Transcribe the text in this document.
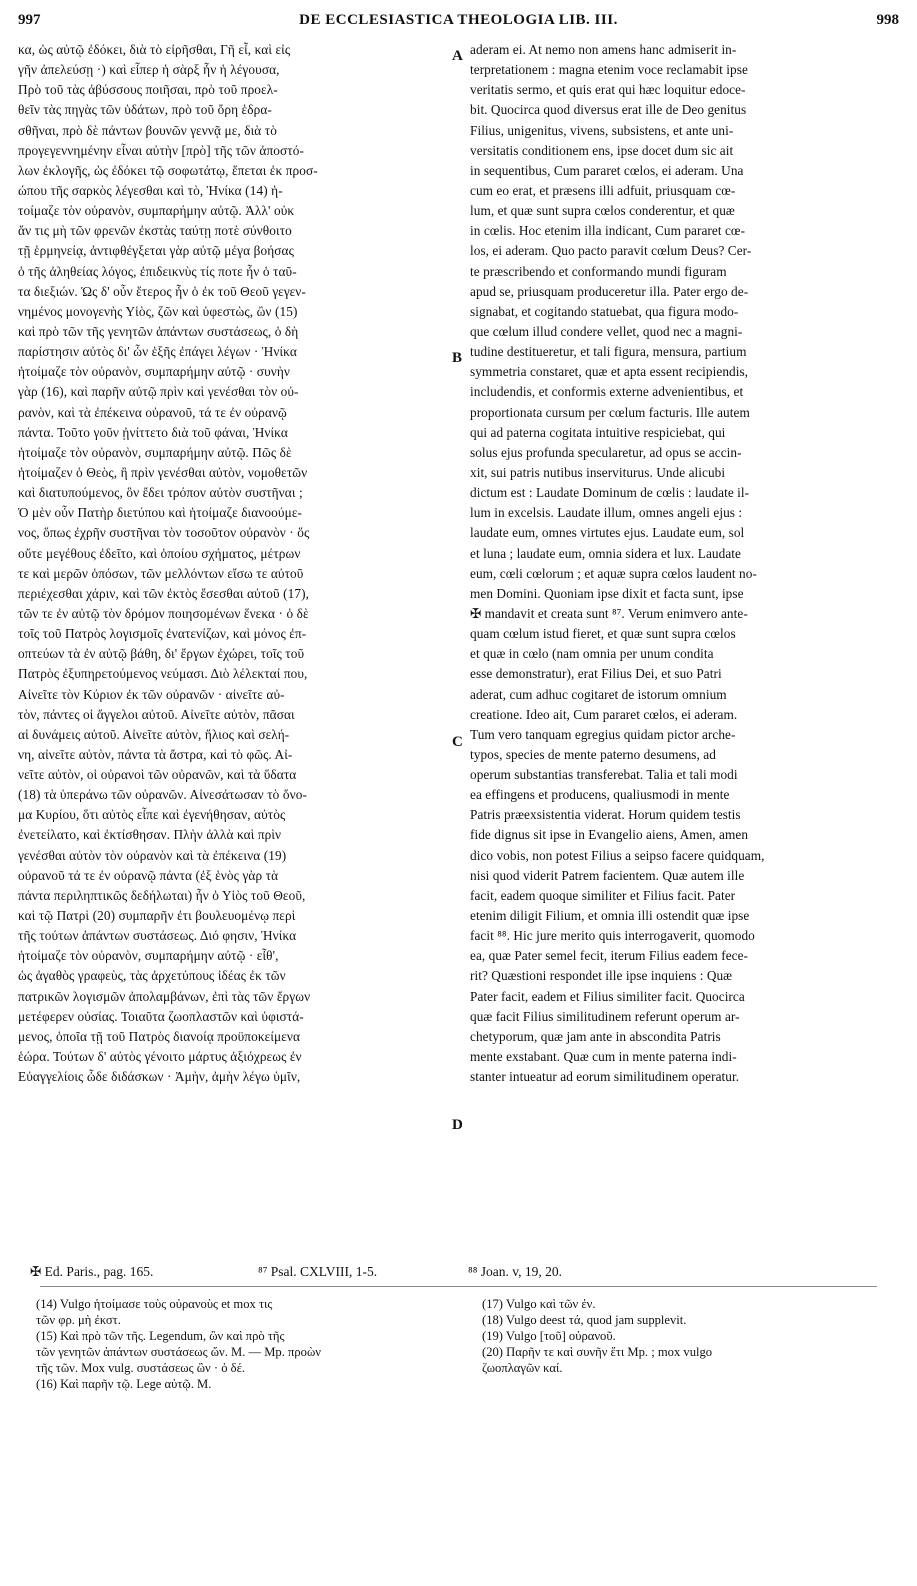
997	DE ECCLESIASTICA THEOLOGIA LIB. III.	998
κα, ὡς αὐτῷ ἐδόκει, διὰ τὸ εἰρῆσθαι, Γῆ εἶ, καὶ εἰς
γῆν ἀπελεύσῃ ·) καὶ εἶπερ ἡ σὰρξ ἦν ἡ λέγουσα,
Πρὸ τοῦ τὰς ἀβύσσους ποιῆσαι, πρὸ τοῦ προελ-
θεῖν τὰς πηγὰς τῶν ὑδάτων, πρὸ τοῦ ὄρη ἑδρα-
σθῆναι, πρὸ δὲ πάντων βουνῶν γεννᾷ με, διὰ τὸ
προγεγεννημένην εἶναι αὐτὴν [πρὸ] τῆς τῶν ἀποστό-
λων ἐκλογῆς, ὡς ἐδόκει τῷ σοφωτάτῳ, ἕπεται ἐκ προσ-
ώπου τῆς σαρκὸς λέγεσθαι καὶ τὸ, Ἡνίκα (14) ἡ-
τοίμαζε τὸν οὐρανὸν, συμπαρήμην αὐτῷ. Ἀλλ' οὐκ
ἄν τις μὴ τῶν φρενῶν ἐκστὰς ταύτῃ ποτὲ σύνθοιτο
τῇ ἑρμηνείᾳ, ἀντιφθέγξεται γὰρ αὐτῷ μέγα βοήσας
ὁ τῆς ἀληθείας λόγος, ἐπιδεικνὺς τίς ποτε ἦν ὁ ταῦ-
τα διεξιών. Ὡς δ' οὖν ἕτερος ἦν ὁ ἐκ τοῦ Θεοῦ γεγεν-
νημένος μονογενὴς Υἱὸς, ζῶν καὶ ὑφεστὼς, ὢν (15)
καὶ πρὸ τῶν τῆς γενητῶν ἁπάντων συστάσεως, ὁ δὴ
παρίστησιν αὐτὸς δι' ὧν ἑξῆς ἐπάγει λέγων · Ἡνίκα
ἡτοίμαζε τὸν οὐρανὸν, συμπαρήμην αὐτῷ · συνὴν
γὰρ (16), καὶ παρῆν αὐτῷ πρὶν καὶ γενέσθαι τὸν οὐ-
ρανὸν, καὶ τὰ ἐπέκεινα οὐρανοῦ, τά τε ἐν οὐρανῷ
πάντα. Τοῦτο γοῦν ᾐνίττετο διὰ τοῦ φάναι, Ἡνίκα
ἡτοίμαζε τὸν οὐρανὸν, συμπαρήμην αὐτῷ. Πῶς δὲ
ἡτοίμαζεν ὁ Θεὸς, ἢ πρὶν γενέσθαι αὐτὸν, νομοθετῶν
καὶ διατυπούμενος, ὃν ἔδει τρόπον αὐτὸν συστῆναι ;
Ὁ μὲν οὖν Πατὴρ διετύπου καὶ ἡτοίμαζε διανοούμε-
νος, ὅπως ἐχρῆν συστῆναι τὸν τοσοῦτον οὐρανὸν · ὅς
οὔτε μεγέθους ἐδεῖτο, καὶ ὁποίου σχήματος, μέτρων
τε καὶ μερῶν ὁπόσων, τῶν μελλόντων εἴσω τε αὐτοῦ
περιέχεσθαι χάριν, καὶ τῶν ἐκτὸς ἔσεσθαι αὐτοῦ (17),
τῶν τε ἐν αὐτῷ τὸν δρόμον ποιησομένων ἕνεκα · ὁ δὲ
τοῖς τοῦ Πατρὸς λογισμοῖς ἐνατενίζων, καὶ μόνος ἐπ-
οπτεύων τὰ ἐν αὐτῷ βάθη, δι' ἔργων ἐχώρει, τοῖς τοῦ
Πατρὸς ἐξυπηρετούμενος νεύμασι. Διὸ λέλεκταί που,
Αἰνεῖτε τὸν Κύριον ἐκ τῶν οὐρανῶν · αἰνεῖτε αὐ-
τὸν, πάντες οἱ ἄγγελοι αὐτοῦ. Αἰνεῖτε αὐτὸν, πᾶσαι
αἱ δυνάμεις αὐτοῦ. Αἰνεῖτε αὐτὸν, ἥλιος καὶ σελή-
νη, αἰνεῖτε αὐτὸν, πάντα τὰ ἄστρα, καὶ τὸ φῶς. Αἰ-
νεῖτε αὐτὸν, οἱ οὐρανοὶ τῶν οὐρανῶν, καὶ τὰ ὕδατα
(18) τὰ ὑπεράνω τῶν οὐρανῶν. Αἰνεσάτωσαν τὸ ὄνο-
μα Κυρίου, ὅτι αὐτὸς εἶπε καὶ ἐγενήθησαν, αὐτὸς
ἐνετείλατο, καὶ ἐκτίσθησαν. Πλὴν ἀλλὰ καὶ πρὶν
γενέσθαι αὐτὸν τὸν οὐρανὸν καὶ τὰ ἐπέκεινα (19)
οὐρανοῦ τά τε ἐν οὐρανῷ πάντα (ἐξ ἑνὸς γὰρ τὰ
πάντα περιληπτικῶς δεδήλωται) ἦν ὁ Υἱὸς τοῦ Θεοῦ,
καὶ τῷ Πατρὶ (20) συμπαρῆν ἐτι βουλευομένῳ περὶ
τῆς τούτων ἁπάντων συστάσεως. Διό φησιν, Ἡνίκα
ἡτοίμαζε τὸν οὐρανὸν, συμπαρήμην αὐτῷ · εἶθ',
ὡς ἀγαθὸς γραφεὺς, τὰς ἀρχετύπους ἰδέας ἐκ τῶν
πατρικῶν λογισμῶν ἀπολαμβάνων, ἐπὶ τὰς τῶν ἔργων
μετέφερεν οὐσίας. Τοιαῦτα ζωοπλαστῶν καὶ ὑφιστά-
μενος, ὁποῖα τῇ τοῦ Πατρὸς διανοίᾳ προϋποκείμενα
ἑώρα. Τούτων δ' αὐτὸς γένοιτο μάρτυς ἀξιόχρεως ἐν
Εὐαγγελίοις ὧδε διδάσκων · Ἀμὴν, ἀμὴν λέγω ὑμῖν,
aderam ei. At nemo non amens hanc admiserit in-
terpretationem : magna etenim voce reclamabit ipse
veritatis sermo, et quis erat qui hæc loquitur edoce-
bit. Quocirca quod diversus erat ille de Deo genitus
Filius, unigenitus, vivens, subsistens, et ante uni-
versitatis conditionem ens, ipse docet dum sic ait
in sequentibus, Cum pararet cœlos, ei aderam. Una
cum eo erat, et præsens illi adfuit, priusquam cœ-
lum, et quæ sunt supra cœlos conderentur, et quæ
in cœlis. Hoc etenim illa indicant, Cum pararet cœ-
los, ei aderam. Quo pacto paravit cœlum Deus? Cer-
te præscribendo et conformando mundi figuram
apud se, priusquam produceretur illa. Pater ergo de-
signabat, et cogitando statuebat, qua figura modo-
que cœlum illud condere vellet, quod nec a magni-
tudine destitueretur, et tali figura, mensura, partium
symmetria constaret, quæ et apta essent recipiendis,
includendis, et conformis externe advenientibus, et
proportionata cursum per cœlum facturis. Ille autem
qui ad paterna cogitata intuitive respiciebat, qui
solus ejus profunda specularetur, ad opus se accin-
xit, sui patris nutibus inserviturus. Unde alicubi
dictum est : Laudate Dominum de cœlis : laudate il-
lum in excelsis. Laudate illum, omnes angeli ejus :
laudate eum, omnes virtutes ejus. Laudate eum, sol
et luna ; laudate eum, omnia sidera et lux. Laudate
eum, cœli cœlorum ; et aquæ supra cœlos laudent no-
men Domini. Quoniam ipse dixit et facta sunt, ipse
✠ mandavit et creata sunt ⁸⁷. Verum enimvero ante-
quam cœlum istud fieret, et quæ sunt supra cœlos
et quæ in cœlo (nam omnia per unum condita
esse demonstratur), erat Filius Dei, et suo Patri
aderat, cum adhuc cogitaret de istorum omnium
creatione. Ideo ait, Cum pararet cœlos, ei aderam.
Tum vero tanquam egregius quidam pictor arche-
typos, species de mente paterno desumens, ad
operum substantias transferebat. Talia et tali modi
ea effingens et producens, qualiusmodi in mente
Patris præexsistentia viderat. Horum quidem testis
fide dignus sit ipse in Evangelio aiens, Amen, amen
dico vobis, non potest Filius a seipso facere quidquam,
nisi quod viderit Patrem facientem. Quæ autem ille
facit, eadem quoque similiter et Filius facit. Pater
etenim diligit Filium, et omnia illi ostendit quæ ipse
facit ⁸⁸. Hic jure merito quis interrogaverit, quomodo
ea, quæ Pater semel fecit, iterum Filius eadem fece-
rit? Quæstioni respondet ille ipse inquiens : Quæ
Pater facit, eadem et Filius similiter facit. Quocirca
quæ facit Filius similitudinem referunt operum ar-
chetyporum, quæ jam ante in abscondita Patris
mente exstabant. Quæ cum in mente paterna indi-
stanter intueatur ad eorum similitudinem operatur.
A
B
C
D
✠ Ed. Paris., pag. 165.	⁸⁷ Psal. CXLVIII, 1-5.	⁸⁸ Joan. v, 19, 20.
(14) Vulgo ἡτοίμασε τοὺς οὐρανοὺς et mox τις
τῶν φρ. μὴ ἐκστ.
(15) Καὶ πρὸ τῶν τῆς. Legendum, ὢν καὶ πρὸ τῆς
τῶν γενητῶν ἁπάντων συστάσεως ὤν. M. — Mp. προὼν
τῆς τῶν. Mox vulg. συστάσεως ὢν · ὁ δέ.
(16) Καὶ παρῆν τῷ. Lege αὐτῷ. M.
(17) Vulgo καὶ τῶν ἐν.
(18) Vulgo deest τά, quod jam supplevit.
(19) Vulgo [τοῦ] οὐρανοῦ.
(20) Παρῆν τε καὶ συνῆν ἔτι Mp. ; mox vulgo
ζωοπλαγῶν καί.
